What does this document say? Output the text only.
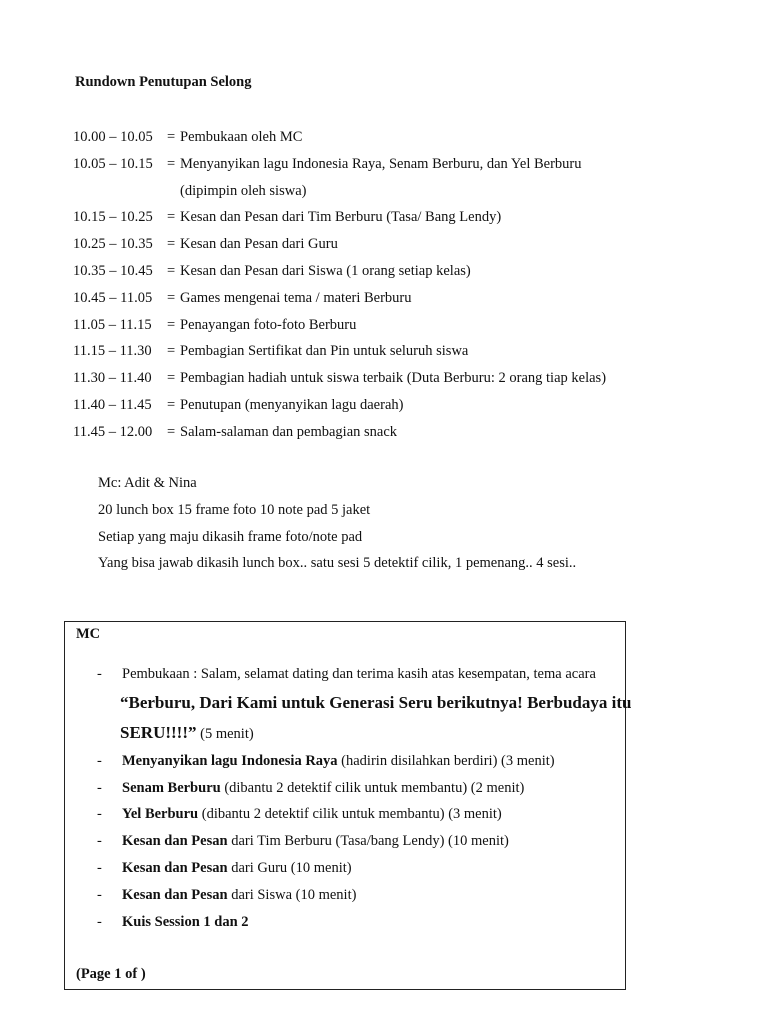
Rundown Penutupan Selong
10.00 – 10.05 = Pembukaan oleh MC
10.05 – 10.15 = Menyanyikan lagu Indonesia Raya, Senam Berburu, dan Yel Berburu
(dipimpin oleh siswa)
10.15 – 10.25 = Kesan dan Pesan dari Tim Berburu (Tasa/ Bang Lendy)
10.25 – 10.35 = Kesan dan Pesan dari Guru
10.35 – 10.45 = Kesan dan Pesan dari Siswa (1 orang setiap kelas)
10.45 – 11.05 = Games mengenai tema / materi Berburu
11.05 – 11.15 = Penayangan foto-foto Berburu
11.15 – 11.30 = Pembagian Sertifikat dan Pin untuk seluruh siswa
11.30 – 11.40 = Pembagian hadiah untuk siswa terbaik (Duta Berburu: 2 orang tiap kelas)
11.40 – 11.45 = Penutupan (menyanyikan lagu daerah)
11.45 – 12.00 = Salam-salaman dan pembagian snack
Mc: Adit & Nina
20 lunch box 15 frame foto 10 note pad 5 jaket
Setiap yang maju dikasih frame foto/note pad
Yang bisa jawab dikasih lunch box.. satu sesi 5 detektif cilik, 1 pemenang.. 4 sesi..
MC
- Pembukaan : Salam, selamat dating dan terima kasih atas kesempatan, tema acara
“Berburu, Dari Kami untuk Generasi Seru berikutnya! Berbudaya itu
SERU!!!!” (5 menit)
- Menyanyikan lagu Indonesia Raya (hadirin disilahkan berdiri) (3 menit)
- Senam Berburu (dibantu 2 detektif cilik untuk membantu) (2 menit)
- Yel Berburu (dibantu 2 detektif cilik untuk membantu) (3 menit)
- Kesan dan Pesan dari Tim Berburu (Tasa/bang Lendy) (10 menit)
- Kesan dan Pesan dari Guru (10 menit)
- Kesan dan Pesan dari Siswa (10 menit)
- Kuis Session 1 dan 2
(Page 1 of )
